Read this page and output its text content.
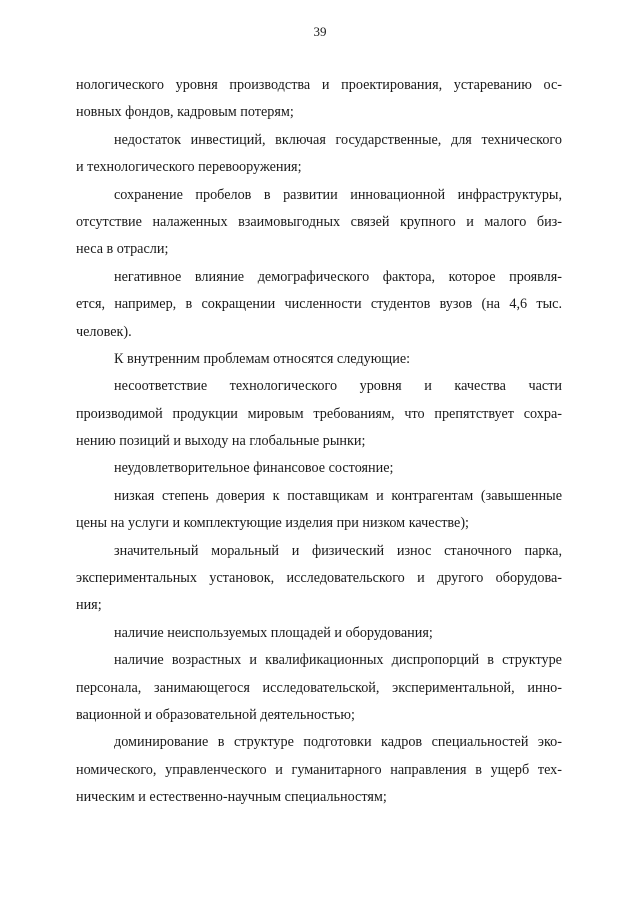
39
нологического уровня производства и проектирования, устареванию ос-
новных фондов, кадровым потерям;
недостаток инвестиций, включая государственные, для технического
и технологического перевооружения;
сохранение пробелов в развитии инновационной инфраструктуры,
отсутствие налаженных взаимовыгодных связей крупного и малого биз-
неса в отрасли;
негативное влияние демографического фактора, которое проявля-
ется, например, в сокращении численности студентов вузов (на 4,6 тыс.
человек).
К внутренним проблемам относятся следующие:
несоответствие технологического уровня и качества части
производимой продукции мировым требованиям, что препятствует сохра-
нению позиций и выходу на глобальные рынки;
неудовлетворительное финансовое состояние;
низкая степень доверия к поставщикам и контрагентам (завышенные
цены на услуги и комплектующие изделия при низком качестве);
значительный моральный и физический износ станочного парка,
экспериментальных установок, исследовательского и другого оборудова-
ния;
наличие неиспользуемых площадей и оборудования;
наличие возрастных и квалификационных диспропорций в структуре
персонала, занимающегося исследовательской, экспериментальной, инно-
вационной и образовательной деятельностью;
доминирование в структуре подготовки кадров специальностей эко-
номического, управленческого и гуманитарного направления в ущерб тех-
ническим и естественно-научным специальностям;
